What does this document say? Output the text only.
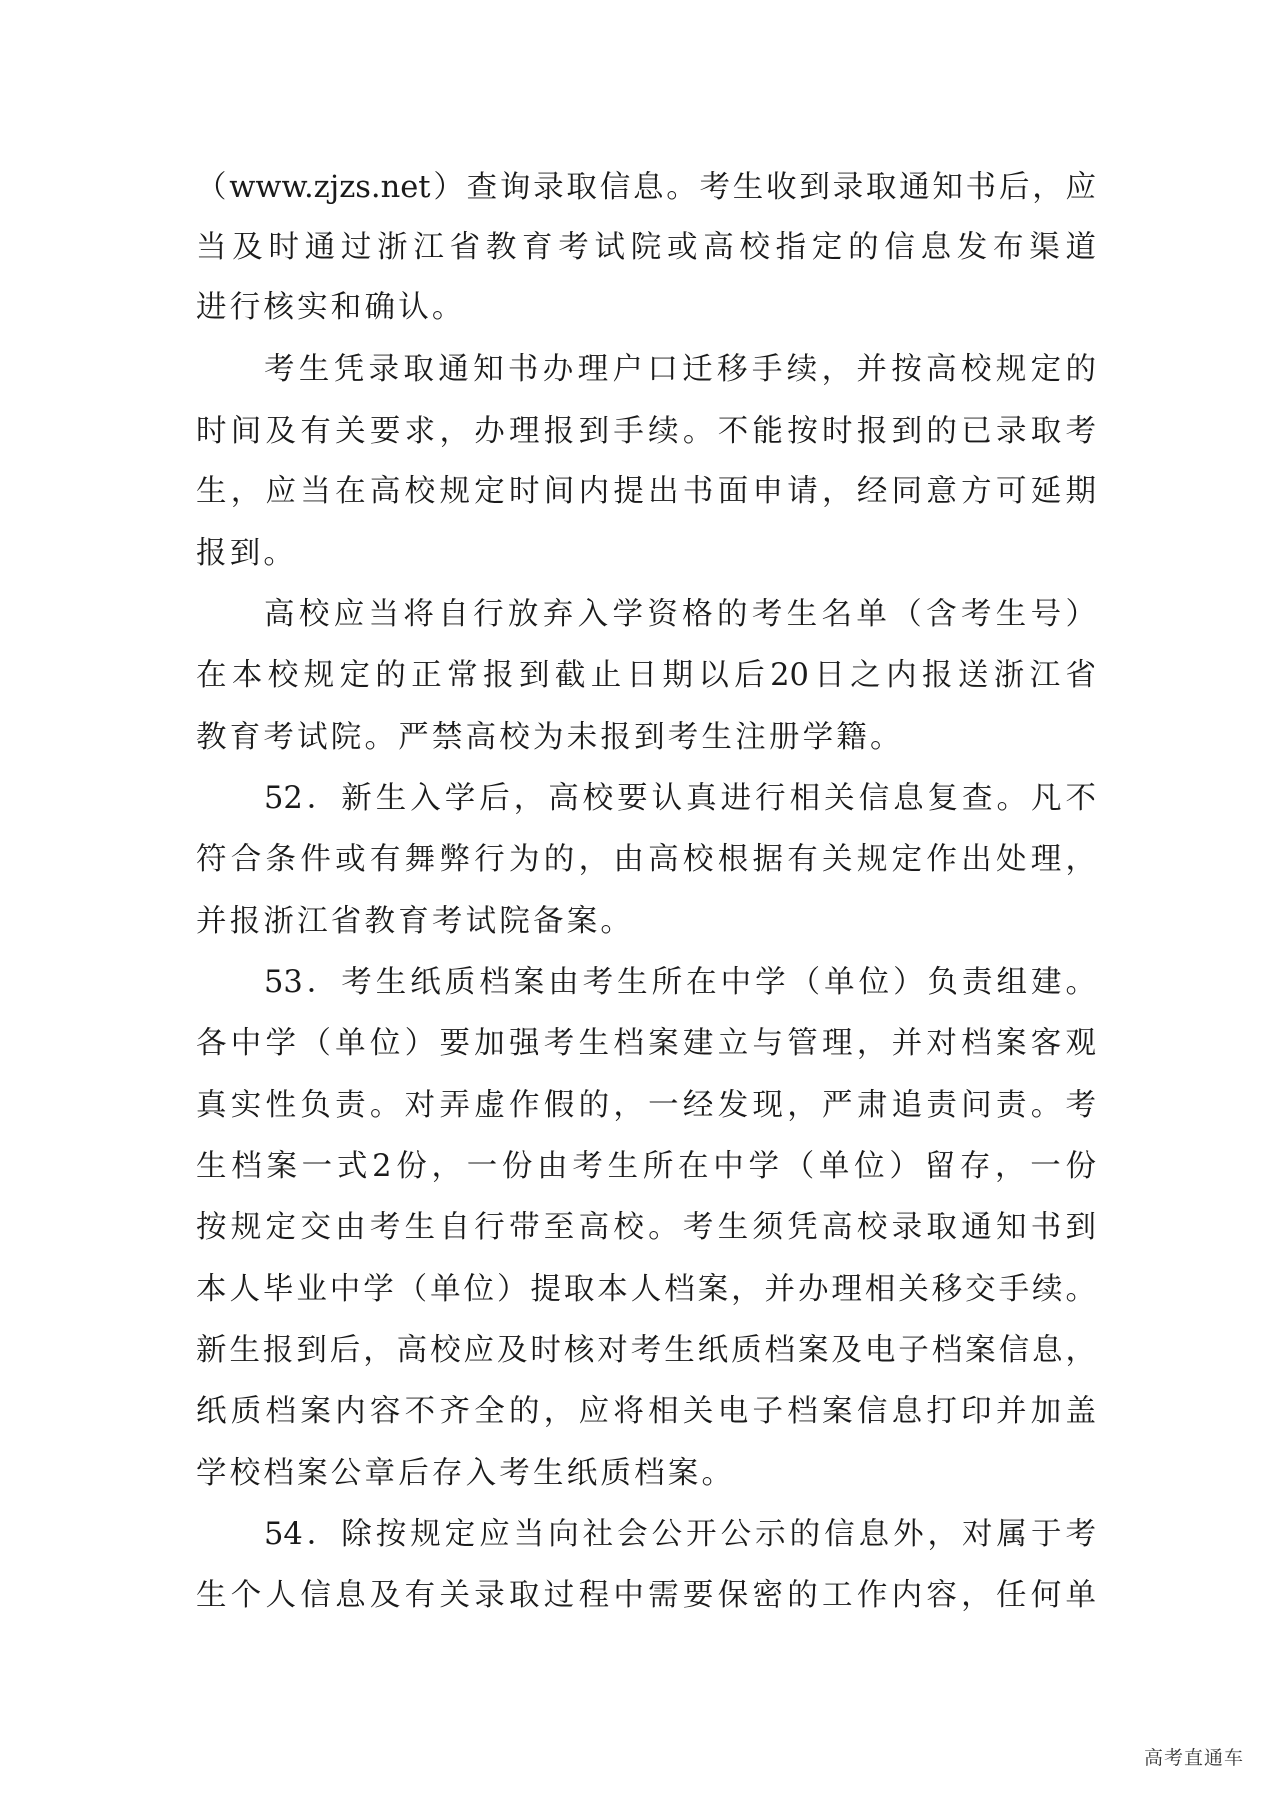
（www.zjzs.net）查询录取信息。考生收到录取通知书后，应
当及时通过浙江省教育考试院或高校指定的信息发布渠道
进行核实和确认。
考生凭录取通知书办理户口迁移手续，并按高校规定的
时间及有关要求，办理报到手续。不能按时报到的已录取考
生，应当在高校规定时间内提出书面申请，经同意方可延期
报到。
高校应当将自行放弃入学资格的考生名单（含考生号）
在本校规定的正常报到截止日期以后20日之内报送浙江省
教育考试院。严禁高校为未报到考生注册学籍。
52．新生入学后，高校要认真进行相关信息复查。凡不
符合条件或有舞弊行为的，由高校根据有关规定作出处理，
并报浙江省教育考试院备案。
53．考生纸质档案由考生所在中学（单位）负责组建。
各中学（单位）要加强考生档案建立与管理，并对档案客观
真实性负责。对弄虚作假的，一经发现，严肃追责问责。考
生档案一式2份，一份由考生所在中学（单位）留存，一份
按规定交由考生自行带至高校。考生须凭高校录取通知书到
本人毕业中学（单位）提取本人档案，并办理相关移交手续。
新生报到后，高校应及时核对考生纸质档案及电子档案信息，
纸质档案内容不齐全的，应将相关电子档案信息打印并加盖
学校档案公章后存入考生纸质档案。
54．除按规定应当向社会公开公示的信息外，对属于考
生个人信息及有关录取过程中需要保密的工作内容，任何单
高考直通车
